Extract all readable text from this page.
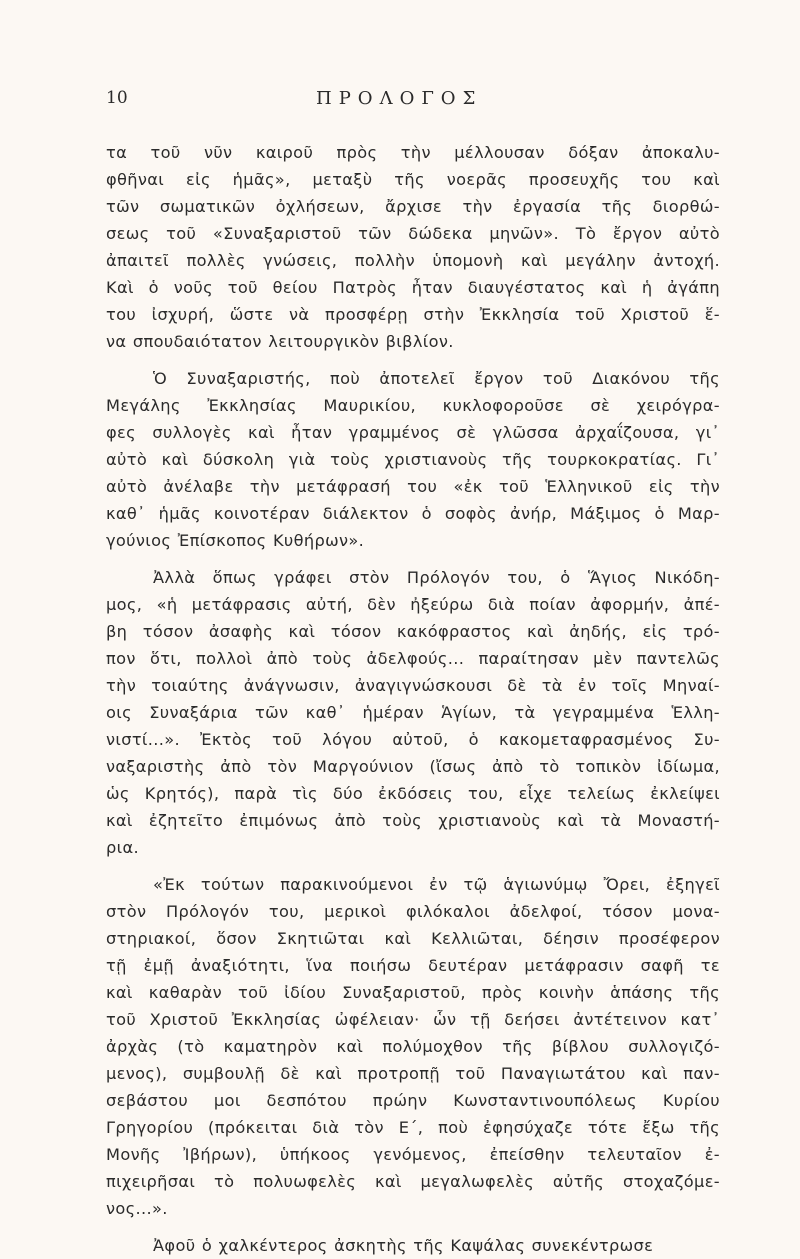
10	ΠΡΟΛΟΓΟΣ
τα τοῦ νῦν καιροῦ πρὸς τὴν μέλλουσαν δόξαν ἀποκαλυ-
φθῆναι εἰς ἡμᾶς», μεταξὺ τῆς νοερᾶς προσευχῆς του καὶ
τῶν σωματικῶν ὀχλήσεων, ἄρχισε τὴν ἐργασία τῆς διορθώ-
σεως τοῦ «Συναξαριστοῦ τῶν δώδεκα μηνῶν». Τὸ ἔργον αὐτὸ
ἀπαιτεῖ πολλὲς γνώσεις, πολλὴν ὑπομονὴ καὶ μεγάλην ἀντοχή.
Καὶ ὁ νοῦς τοῦ θείου Πατρὸς ἦταν διαυγέστατος καὶ ἡ ἀγάπη
του ἰσχυρή, ὥστε νὰ προσφέρῃ στὴν Ἐκκλησία τοῦ Χριστοῦ ἕ-
να σπουδαιότατον λειτουργικὸν βιβλίον.
Ὁ Συναξαριστής, ποὺ ἀποτελεῖ ἔργον τοῦ Διακόνου τῆς
Μεγάλης Ἐκκλησίας Μαυρικίου, κυκλοφοροῦσε σὲ χειρόγρα-
φες συλλογὲς καὶ ἦταν γραμμένος σὲ γλῶσσα ἀρχαΐζουσα, γι᾽
αὐτὸ καὶ δύσκολη γιὰ τοὺς χριστιανοὺς τῆς τουρκοκρατίας. Γι᾽
αὐτὸ ἀνέλαβε τὴν μετάφρασή του «ἐκ τοῦ Ἑλληνικοῦ εἰς τὴν
καθ᾽ ἡμᾶς κοινοτέραν διάλεκτον ὁ σοφὸς ἀνήρ, Μάξιμος ὁ Μαρ-
γούνιος Ἐπίσκοπος Κυθήρων».
Ἀλλὰ ὅπως γράφει στὸν Πρόλογόν του, ὁ Ἅγιος Νικόδη-
μος, «ἡ μετάφρασις αὐτή, δὲν ἠξεύρω διὰ ποίαν ἀφορμήν, ἀπέ-
βη τόσον ἀσαφὴς καὶ τόσον κακόφραστος καὶ ἀηδής, εἰς τρό-
πον ὅτι, πολλοὶ ἀπὸ τοὺς ἀδελφούς... παραίτησαν μὲν παντελῶς
τὴν τοιαύτης ἀνάγνωσιν, ἀναγιγνώσκουσι δὲ τὰ ἐν τοῖς Μηναί-
οις Συναξάρια τῶν καθ᾽ ἡμέραν Ἁγίων, τὰ γεγραμμένα Ἑλλη-
νιστί...». Ἐκτὸς τοῦ λόγου αὐτοῦ, ὁ κακομεταφρασμένος Συ-
ναξαριστὴς ἀπὸ τὸν Μαργούνιον (ἴσως ἀπὸ τὸ τοπικὸν ἰδίωμα,
ὡς Κρητός), παρὰ τὶς δύο ἐκδόσεις του, εἶχε τελείως ἐκλείψει
καὶ ἐζητεῖτο ἐπιμόνως ἀπὸ τοὺς χριστιανοὺς καὶ τὰ Μοναστή-
ρια.
«Ἐκ τούτων παρακινούμενοι ἐν τῷ ἁγιωνύμῳ Ὄρει, ἐξηγεῖ
στὸν Πρόλογόν του, μερικοὶ φιλόκαλοι ἀδελφοί, τόσον μονα-
στηριακοί, ὅσον Σκητιῶται καὶ Κελλιῶται, δέησιν προσέφερον
τῇ ἐμῇ ἀναξιότητι, ἵνα ποιήσω δευτέραν μετάφρασιν σαφῆ τε
καὶ καθαρὰν τοῦ ἰδίου Συναξαριστοῦ, πρὸς κοινὴν ἁπάσης τῆς
τοῦ Χριστοῦ Ἐκκλησίας ὠφέλειαν· ὧν τῇ δεήσει ἀντέτεινον κατ᾽
ἀρχὰς (τὸ καματηρὸν καὶ πολύμοχθον τῆς βίβλου συλλογιζό-
μενος), συμβουλῇ δὲ καὶ προτροπῇ τοῦ Παναγιωτάτου καὶ παν-
σεβάστου μοι δεσπότου πρώην Κωνσταντινουπόλεως Κυρίου
Γρηγορίου (πρόκειται διὰ τὸν Ε΄, ποὺ ἐφησύχαζε τότε ἔξω τῆς
Μονῆς Ἰβήρων), ὑπήκοος γενόμενος, ἐπείσθην τελευταῖον ἐ-
πιχειρῆσαι τὸ πολυωφελὲς καὶ μεγαλωφελὲς αὐτῆς στοχαζόμε-
νος...».
Ἀφοῦ ὁ χαλκέντερος ἀσκητὴς τῆς Καψάλας συνεκέντρωσε
